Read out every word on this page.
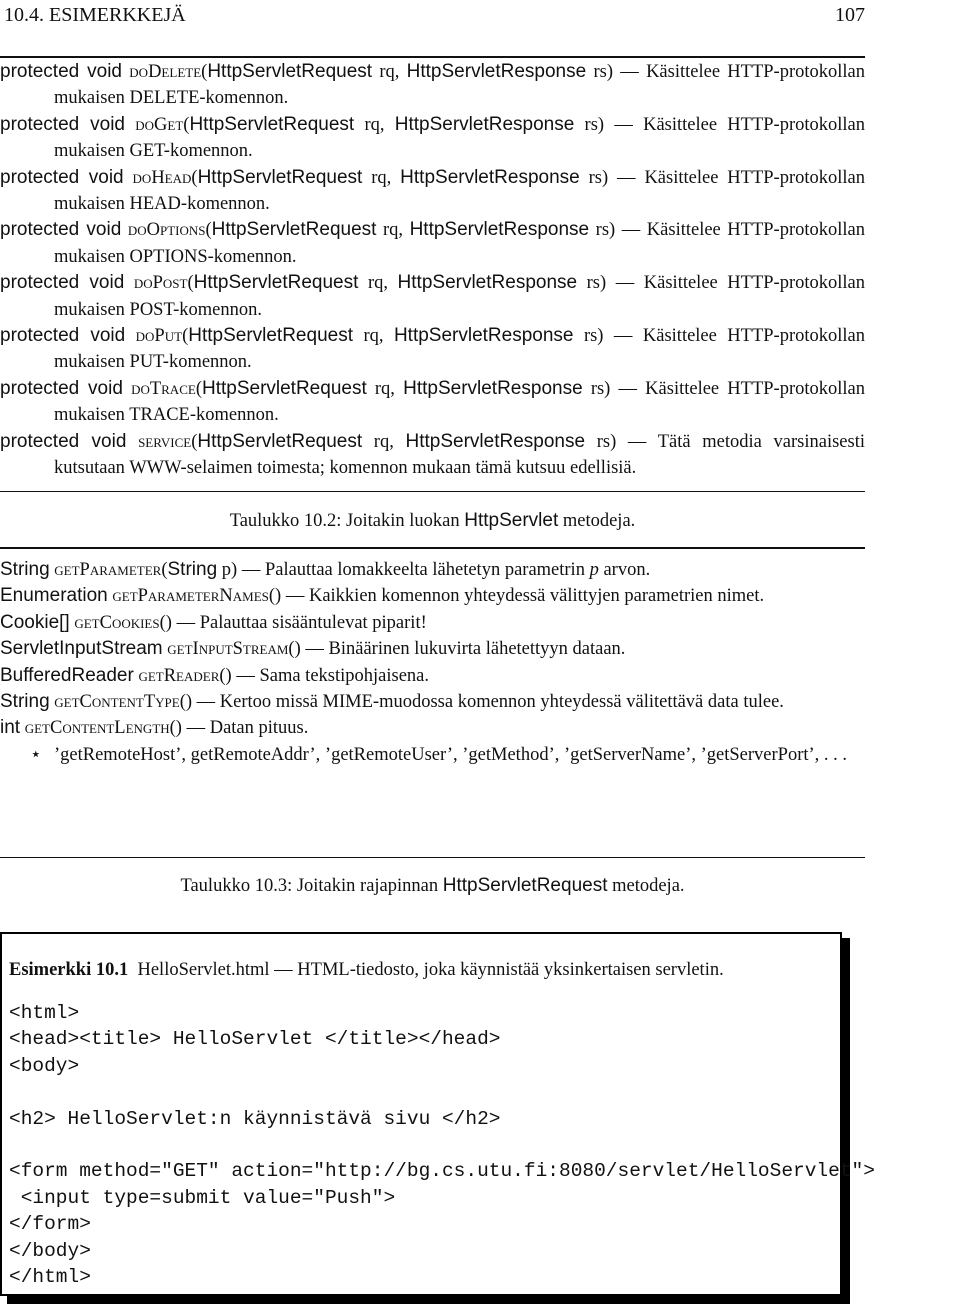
10.4. ESIMERKKEJÄ	107

protected void doDelete(HttpServletRequest rq, HttpServletResponse rs) — Käsittelee HTTP-protokollan mukaisen DELETE-komennon.

protected void doGet(HttpServletRequest rq, HttpServletResponse rs) — Käsittelee HTTP-protokollan mukaisen GET-komennon.

protected void doHead(HttpServletRequest rq, HttpServletResponse rs) — Käsittelee HTTP-protokollan mukaisen HEAD-komennon.

protected void doOptions(HttpServletRequest rq, HttpServletResponse rs) — Käsittelee HTTP-protokollan mukaisen OPTIONS-komennon.

protected void doPost(HttpServletRequest rq, HttpServletResponse rs) — Käsittelee HTTP-protokollan mukaisen POST-komennon.

protected void doPut(HttpServletRequest rq, HttpServletResponse rs) — Käsittelee HTTP-protokollan mukaisen PUT-komennon.

protected void doTrace(HttpServletRequest rq, HttpServletResponse rs) — Käsittelee HTTP-protokollan mukaisen TRACE-komennon.

protected void service(HttpServletRequest rq, HttpServletResponse rs) — Tätä metodia varsinaisesti kutsutaan WWW-selaimen toimesta; komennon mukaan tämä kutsuu edellisiä.

Taulukko 10.2: Joitakin luokan HttpServlet metodeja.

String getParameter(String p) — Palauttaa lomakkeelta lähetetyn parametrin p arvon.

Enumeration getParameterNames() — Kaikkien komennon yhteydessä välittyjen parametrien nimet.

Cookie[] getCookies() — Palauttaa sisääntulevat piparit!

ServletInputStream getInputStream() — Binäärinen lukuvirta lähetettyyn dataan.

BufferedReader getReader() — Sama tekstipohjaisena.

String getContentType() — Kertoo missä MIME-muodossa komennon yhteydessä välitettävä data tulee.

int getContentLength() — Datan pituus.

⋆ ’getRemoteHost’, getRemoteAddr’, ’getRemoteUser’, ’getMethod’, ’getServerName’, ’getServerPort’, . . .

Taulukko 10.3: Joitakin rajapinnan HttpServletRequest metodeja.
Esimerkki 10.1 HelloServlet.html — HTML-tiedosto, joka käynnistää yksinkertaisen servletin.
<html>
<head><title> HelloServlet </title></head>
<body>

<h2> HelloServlet:n käynnistävä sivu </h2>

<form method="GET" action="http://bg.cs.utu.fi:8080/servlet/HelloServlet">
<input type=submit value="Push">
</form>
</body>
</html>
